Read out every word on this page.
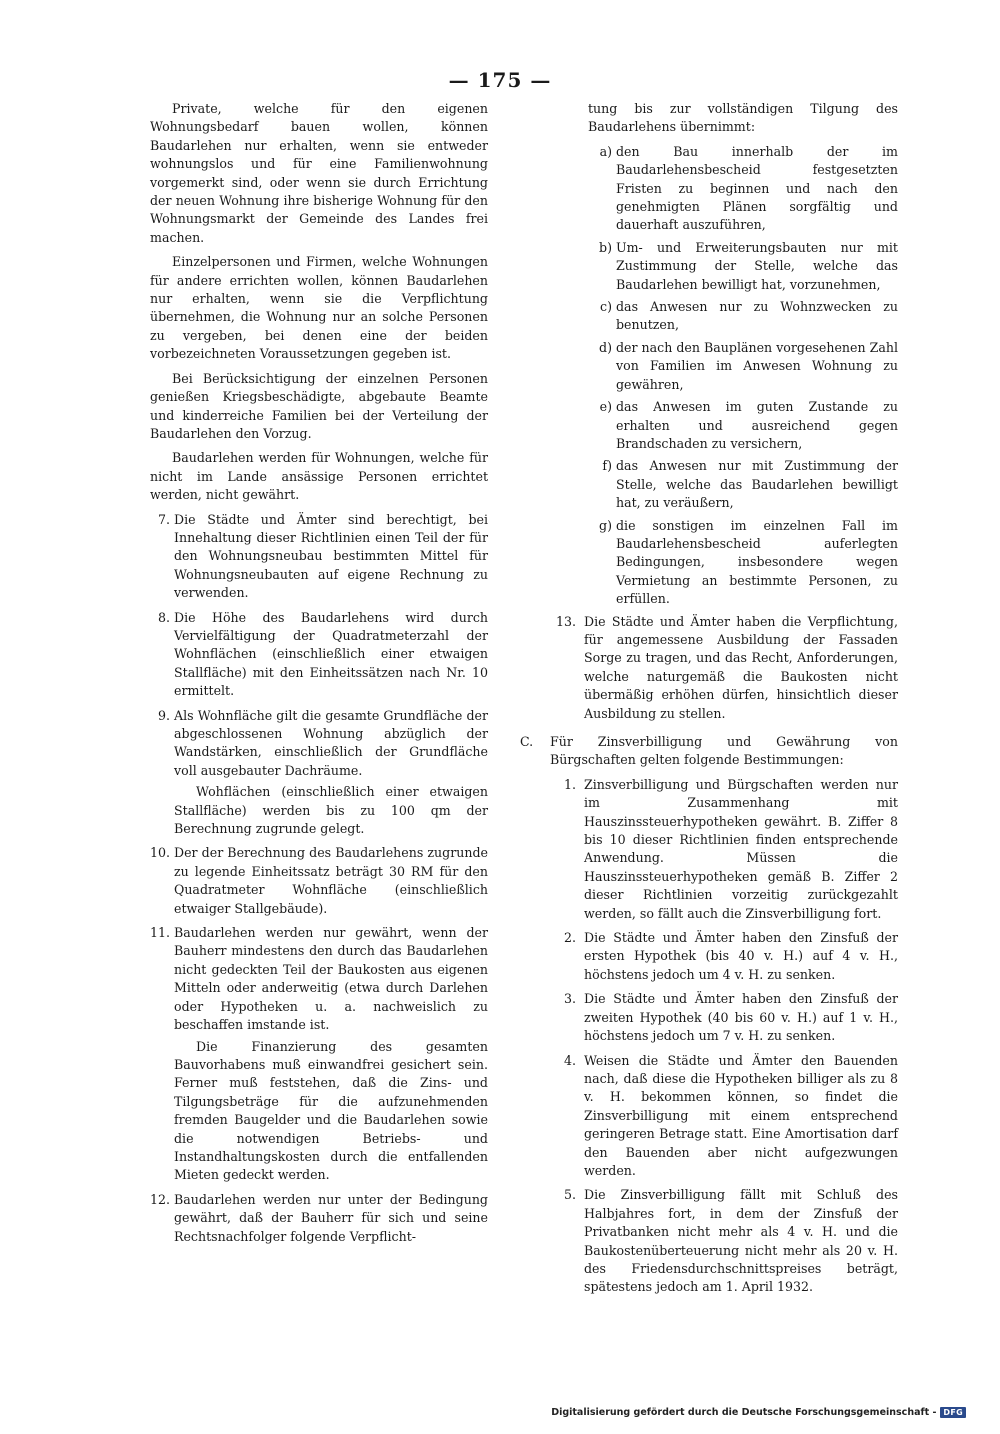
— 175 —

Private, welche für den eigenen Wohnungsbedarf bauen wollen, können Baudarlehen nur erhalten, wenn sie entweder wohnungslos und für eine Familienwohnung vorgemerkt sind, oder wenn sie durch Errichtung der neuen Wohnung ihre bisherige Wohnung für den Wohnungsmarkt der Gemeinde des Landes frei machen.

Einzelpersonen und Firmen, welche Wohnungen für andere errichten wollen, können Baudarlehen nur erhalten, wenn sie die Verpflichtung übernehmen, die Wohnung nur an solche Personen zu vergeben, bei denen eine der beiden vorbezeichneten Voraussetzungen gegeben ist.

Bei Berücksichtigung der einzelnen Personen genießen Kriegsbeschädigte, abgebaute Beamte und kinderreiche Familien bei der Verteilung der Baudarlehen den Vorzug.

Baudarlehen werden für Wohnungen, welche für nicht im Lande ansässige Personen errichtet werden, nicht gewährt.

7. Die Städte und Ämter sind berechtigt, bei Innehaltung dieser Richtlinien einen Teil der für den Wohnungsneubau bestimmten Mittel für Wohnungsneubauten auf eigene Rechnung zu verwenden.
8. Die Höhe des Baudarlehens wird durch Vervielfältigung der Quadratmeterzahl der Wohnflächen (einschließlich einer etwaigen Stallfläche) mit den Einheitssätzen nach Nr. 10 ermittelt.
9. Als Wohnfläche gilt die gesamte Grundfläche der abgeschlossenen Wohnung abzüglich der Wandstärken, einschließlich der Grundfläche voll ausgebauter Dachräume.

Wohflächen (einschließlich einer etwaigen Stallfläche) werden bis zu 100 qm der Berechnung zugrunde gelegt.

10. Der der Berechnung des Baudarlehens zugrunde zu legende Einheitssatz beträgt 30 RM für den Quadratmeter Wohnfläche (einschließlich etwaiger Stallgebäude).
11. Baudarlehen werden nur gewährt, wenn der Bauherr mindestens den durch das Baudarlehen nicht gedeckten Teil der Baukosten aus eigenen Mitteln oder anderweitig (etwa durch Darlehen oder Hypotheken u. a. nachweislich zu beschaffen imstande ist.

Die Finanzierung des gesamten Bauvorhabens muß einwandfrei gesichert sein. Ferner muß feststehen, daß die Zins- und Tilgungsbeträge für die aufzunehmenden fremden Baugelder und die Baudarlehen sowie die notwendigen Betriebs- und Instandhaltungskosten durch die entfallenden Mieten gedeckt werden.

12. Baudarlehen werden nur unter der Bedingung gewährt, daß der Bauherr für sich und seine Rechtsnachfolger folgende Verpflicht-

tung bis zur vollständigen Tilgung des Baudarlehens übernimmt:

a) den Bau innerhalb der im Baudarlehensbescheid festgesetzten Fristen zu beginnen und nach den genehmigten Plänen sorgfältig und dauerhaft auszuführen,
b) Um- und Erweiterungsbauten nur mit Zustimmung der Stelle, welche das Baudarlehen bewilligt hat, vorzunehmen,
c) das Anwesen nur zu Wohnzwecken zu benutzen,
d) der nach den Bauplänen vorgesehenen Zahl von Familien im Anwesen Wohnung zu gewähren,
e) das Anwesen im guten Zustande zu erhalten und ausreichend gegen Brandschaden zu versichern,
f) das Anwesen nur mit Zustimmung der Stelle, welche das Baudarlehen bewilligt hat, zu veräußern,
g) die sonstigen im einzelnen Fall im Baudarlehensbescheid auferlegten Bedingungen, insbesondere wegen Vermietung an bestimmte Personen, zu erfüllen.
13. Die Städte und Ämter haben die Verpflichtung, für angemessene Ausbildung der Fassaden Sorge zu tragen, und das Recht, Anforderungen, welche naturgemäß die Baukosten nicht übermäßig erhöhen dürfen, hinsichtlich dieser Ausbildung zu stellen.
C.	Für Zinsverbilligung und Gewährung von Bürgschaften gelten folgende Bestimmungen:
1. Zinsverbilligung und Bürgschaften werden nur im Zusammenhang mit Hauszinssteuerhypotheken gewährt. B. Ziffer 8 bis 10 dieser Richtlinien finden entsprechende Anwendung. Müssen die Hauszinssteuerhypotheken gemäß B. Ziffer 2 dieser Richtlinien vorzeitig zurückgezahlt werden, so fällt auch die Zinsverbilligung fort.
2. Die Städte und Ämter haben den Zinsfuß der ersten Hypothek (bis 40 v. H.) auf 4 v. H., höchstens jedoch um 4 v. H. zu senken.
3. Die Städte und Ämter haben den Zinsfuß der zweiten Hypothek (40 bis 60 v. H.) auf 1 v. H., höchstens jedoch um 7 v. H. zu senken.
4. Weisen die Städte und Ämter den Bauenden nach, daß diese die Hypotheken billiger als zu 8 v. H. bekommen können, so findet die Zinsverbilligung mit einem entsprechend geringeren Betrage statt. Eine Amortisation darf den Bauenden aber nicht aufgezwungen werden.
5. Die Zinsverbilligung fällt mit Schluß des Halbjahres fort, in dem der Zinsfuß der Privatbanken nicht mehr als 4 v. H. und die Baukostenüberteuerung nicht mehr als 20 v. H. des Friedensdurchschnittspreises beträgt, spätestens jedoch am 1. April 1932.
Digitalisierung gefördert durch die Deutsche Forschungsgemeinschaft - DFG
